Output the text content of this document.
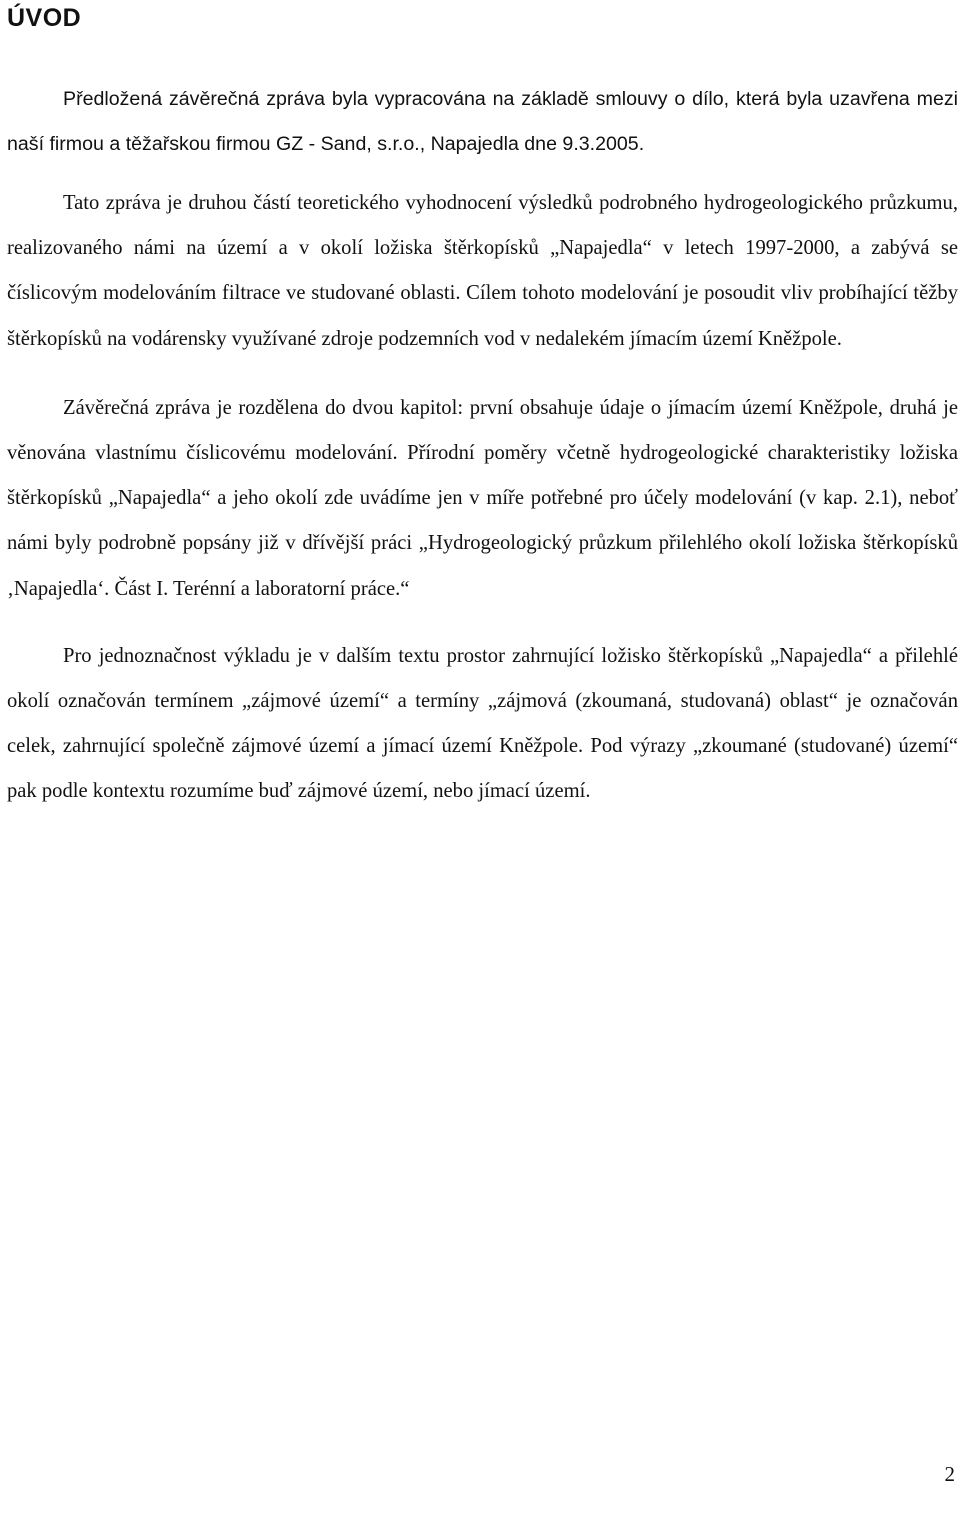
ÚVOD

Předložená závěrečná zpráva byla vypracována na základě smlouvy o dílo, která byla uzavřena mezi naší firmou a těžařskou firmou GZ - Sand, s.r.o., Napajedla dne 9.3.2005.

Tato zpráva je druhou částí teoretického vyhodnocení výsledků podrobného hydrogeologického průzkumu, realizovaného námi na území a v okolí ložiska štěrkopísků „Napajedla“ v letech 1997-2000, a zabývá se číslicovým modelováním filtrace ve studované oblasti. Cílem tohoto modelování je posoudit vliv probíhající těžby štěrkopísků na vodárensky využívané zdroje podzemních vod v nedalekém jímacím území Kněžpole.

Závěrečná zpráva je rozdělena do dvou kapitol: první obsahuje údaje o jímacím území Kněžpole, druhá je věnována vlastnímu číslicovému modelování. Přírodní poměry včetně hydrogeologické charakteristiky ložiska štěrkopísků „Napajedla“ a jeho okolí zde uvádíme jen v míře potřebné pro účely modelování (v kap. 2.1), neboť námi byly podrobně popsány již v dřívější práci „Hydrogeologický průzkum přilehlého okolí ložiska štěrkopísků ‚Napajedla‘. Část I. Terénní a laboratorní práce.“

Pro jednoznačnost výkladu je v dalším textu prostor zahrnující ložisko štěrkopísků „Napajedla“ a přilehlé okolí označován termínem „zájmové území“ a termíny „zájmová (zkoumaná, studovaná) oblast“ je označován celek, zahrnující společně zájmové území a jímací území Kněžpole. Pod výrazy „zkoumané (studované) území“ pak podle kontextu rozumíme buď zájmové území, nebo jímací území.

2
